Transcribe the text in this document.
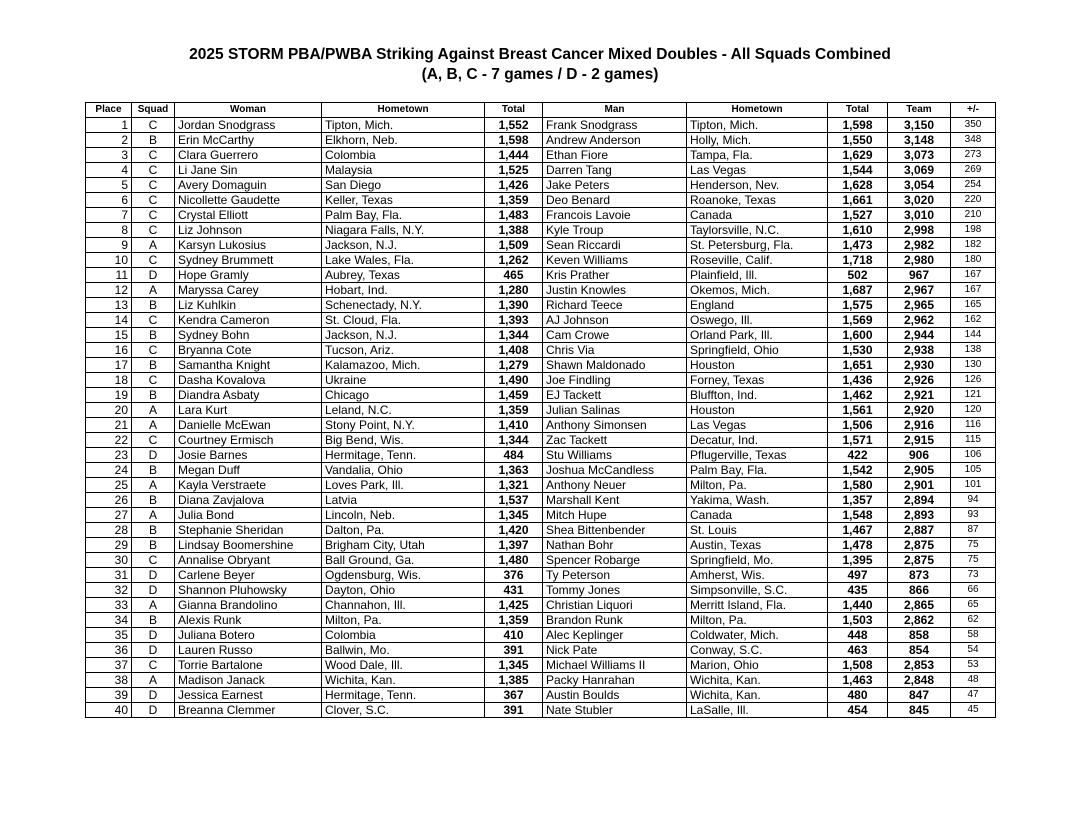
2025 STORM PBA/PWBA Striking Against Breast Cancer Mixed Doubles - All Squads Combined
(A, B, C - 7 games / D - 2 games)
Place	Squad	Woman	Hometown	Total	Man	Hometown	Total	Team	+/-
1	C	Jordan Snodgrass	Tipton, Mich.	1,552	Frank Snodgrass	Tipton, Mich.	1,598	3,150	350
2	B	Erin McCarthy	Elkhorn, Neb.	1,598	Andrew Anderson	Holly, Mich.	1,550	3,148	348
3	C	Clara Guerrero	Colombia	1,444	Ethan Fiore	Tampa, Fla.	1,629	3,073	273
4	C	Li Jane Sin	Malaysia	1,525	Darren Tang	Las Vegas	1,544	3,069	269
5	C	Avery Domaguin	San Diego	1,426	Jake Peters	Henderson, Nev.	1,628	3,054	254
6	C	Nicollette Gaudette	Keller, Texas	1,359	Deo Benard	Roanoke, Texas	1,661	3,020	220
7	C	Crystal Elliott	Palm Bay, Fla.	1,483	Francois Lavoie	Canada	1,527	3,010	210
8	C	Liz Johnson	Niagara Falls, N.Y.	1,388	Kyle Troup	Taylorsville, N.C.	1,610	2,998	198
9	A	Karsyn Lukosius	Jackson, N.J.	1,509	Sean Riccardi	St. Petersburg, Fla.	1,473	2,982	182
10	C	Sydney Brummett	Lake Wales, Fla.	1,262	Keven Williams	Roseville, Calif.	1,718	2,980	180
11	D	Hope Gramly	Aubrey, Texas	465	Kris Prather	Plainfield, Ill.	502	967	167
12	A	Maryssa Carey	Hobart, Ind.	1,280	Justin Knowles	Okemos, Mich.	1,687	2,967	167
13	B	Liz Kuhlkin	Schenectady, N.Y.	1,390	Richard Teece	England	1,575	2,965	165
14	C	Kendra Cameron	St. Cloud, Fla.	1,393	AJ Johnson	Oswego, Ill.	1,569	2,962	162
15	B	Sydney Bohn	Jackson, N.J.	1,344	Cam Crowe	Orland Park, Ill.	1,600	2,944	144
16	C	Bryanna Cote	Tucson, Ariz.	1,408	Chris Via	Springfield, Ohio	1,530	2,938	138
17	B	Samantha Knight	Kalamazoo, Mich.	1,279	Shawn Maldonado	Houston	1,651	2,930	130
18	C	Dasha Kovalova	Ukraine	1,490	Joe Findling	Forney, Texas	1,436	2,926	126
19	B	Diandra Asbaty	Chicago	1,459	EJ Tackett	Bluffton, Ind.	1,462	2,921	121
20	A	Lara Kurt	Leland, N.C.	1,359	Julian Salinas	Houston	1,561	2,920	120
21	A	Danielle McEwan	Stony Point, N.Y.	1,410	Anthony Simonsen	Las Vegas	1,506	2,916	116
22	C	Courtney Ermisch	Big Bend, Wis.	1,344	Zac Tackett	Decatur, Ind.	1,571	2,915	115
23	D	Josie Barnes	Hermitage, Tenn.	484	Stu Williams	Pflugerville, Texas	422	906	106
24	B	Megan Duff	Vandalia, Ohio	1,363	Joshua McCandless	Palm Bay, Fla.	1,542	2,905	105
25	A	Kayla Verstraete	Loves Park, Ill.	1,321	Anthony Neuer	Milton, Pa.	1,580	2,901	101
26	B	Diana Zavjalova	Latvia	1,537	Marshall Kent	Yakima, Wash.	1,357	2,894	94
27	A	Julia Bond	Lincoln, Neb.	1,345	Mitch Hupe	Canada	1,548	2,893	93
28	B	Stephanie Sheridan	Dalton, Pa.	1,420	Shea Bittenbender	St. Louis	1,467	2,887	87
29	B	Lindsay Boomershine	Brigham City, Utah	1,397	Nathan Bohr	Austin, Texas	1,478	2,875	75
30	C	Annalise Obryant	Ball Ground, Ga.	1,480	Spencer Robarge	Springfield, Mo.	1,395	2,875	75
31	D	Carlene Beyer	Ogdensburg, Wis.	376	Ty Peterson	Amherst, Wis.	497	873	73
32	D	Shannon Pluhowsky	Dayton, Ohio	431	Tommy Jones	Simpsonville, S.C.	435	866	66
33	A	Gianna Brandolino	Channahon, Ill.	1,425	Christian Liquori	Merritt Island, Fla.	1,440	2,865	65
34	B	Alexis Runk	Milton, Pa.	1,359	Brandon Runk	Milton, Pa.	1,503	2,862	62
35	D	Juliana Botero	Colombia	410	Alec Keplinger	Coldwater, Mich.	448	858	58
36	D	Lauren Russo	Ballwin, Mo.	391	Nick Pate	Conway, S.C.	463	854	54
37	C	Torrie Bartalone	Wood Dale, Ill.	1,345	Michael Williams II	Marion, Ohio	1,508	2,853	53
38	A	Madison Janack	Wichita, Kan.	1,385	Packy Hanrahan	Wichita, Kan.	1,463	2,848	48
39	D	Jessica Earnest	Hermitage, Tenn.	367	Austin Boulds	Wichita, Kan.	480	847	47
40	D	Breanna Clemmer	Clover, S.C.	391	Nate Stubler	LaSalle, Ill.	454	845	45
